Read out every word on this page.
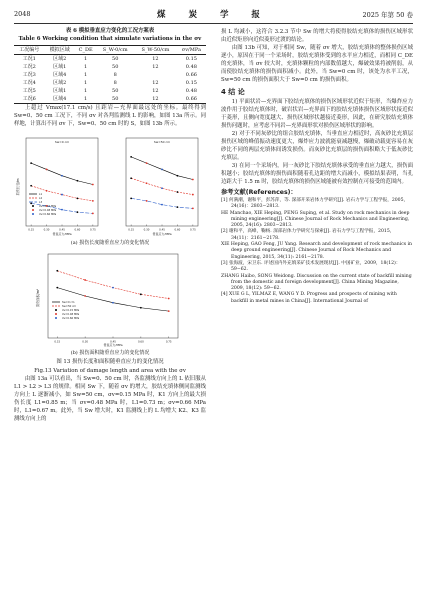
2048	煤 炭 学 报	2025 年第 50 卷
表 6 模拟垂直应力变化的工况方案表
Table 6 Working condition that simulate variations in the σv
工况编号	模拟区域	C_DE	S_W-0/cm	S_W-50/cm	σv/MPa
工况1	区域2	1	50	12	0.15
工况2	区域1	1	50	12	0.48
工况3	区域4	1	8		0.66
工况4	区域2	1	8	12	0.15
工况5	区域1	1	50	12	0.48
工况6	区域4	1	50	12	0.66

上超过 Vmax(17.1 cm/s) 且距岩—充界面最远处的坐标。最终得到 Sw=0、50 cm 工况下，不同 σv 对各判监测线 L 的影响，如图 13a 所示。同样地，计算出不同 σv 下，Sw=0、50 cm 时的 S，如图 13b 所示。

损伤长度/m
0.15	0.30	0.45	0.60	0.75
Sw=0 cm
0.15	0.30	0.45	0.60	0.75
Sw=50 cm
垂直应力/MPa	垂直应力/MPa
L1
L2
L3
σv=0.15 MPa
σv=0.48 MPa
σv=0.66 MPa
(a) 损伤长度随垂直应力的变化情况
损伤面积/m²
0.15	0.30	0.45	0.60	0.75
垂直应力/MPa
Sw=0 cm
Sw=50 cm
σv=0.15 MPa
σv=0.48 MPa
σv=0.66 MPa
(b) 损伤面积随垂直应力的变化情况
图 13 损伤长度和面积随垂直应力的变化情况
Fig.13 Variation of damage length and area with the σv

由图 13a 可以看出，当 Sw=0、50 cm 时，各监测线方向上的 L 依旧服从 L1 > L2 > L3 的规律。相同 Sw 下，随着 σv 的增大，胶结充填体侧同监测线方向上 L 逐渐减小，如 Sw=50 cm，σv=0.15 MPa 时，K1 方向上的最大损伤长度 L1=0.85 m；当 σv=0.48 MPa 时，L1=0.73 m；σv=0.66 MPa 时，L1=0.67 m。此外，当 Sw 增大时，K1 监测线上的 L 均增大 K2、K3 监测线方向上的

损 L 均减小，这符合 3.2.3 节中 Sw 的增大将使得胶结充填体的损伤区域形状由近似矩形向近似菱形过渡的结论。

由图 13b 可知，对于相同 Sw，随着 σv 增大，胶结充填体的整体损伤区域逐小，原因在于同一个采场时，胶结充填体受到的水平应力相近，而相同 C_DE 的充填体，当 σv 较大时，充填体颗粒的内部数值越大，爆破效果将被削弱，从而使胶结充填体的损伤面积减小。此外，当 Sw=0 cm 时，该处为水平工况，Sw=50 cm 的损伤面积大于 Sw=0 cm 的损伤面积。

4 结 论

1) 平面状岩—充界面下胶结充填体的损伤区域形状近似于矩形，当爆炸应力波作用于胶结充填体时，破岩状岩—充界面下的胶结充填体损伤区域形状接近似于菱形，且侧向宽度越大、损伤区域形状越接近菱形，因此，在研究胶结充填体损伤问题时，应考虑不同岩—充界面形状对损伤区域形状的影响。

2) 对于不同灰砂比的组合胶结充填体，当垂直应力相近时，高灰砂比充填层损伤区域的峰值振动速度更大，爆炸应力波就能衰减越慢，爆破动载更容易在灰砂比不同的两层充填体间诱发损伤。而灰砂比充填层的损伤面积略大于低灰砂比充填层。

3) 在同一个采场内，同一灰砂比下胶结充填体承受的垂直应力越大，损伤面积越小；胶结充填体的损伤面积随着孔边距的增大而减小，模拟结果表明，当孔边距大于 1.5 m 时，胶结充填体的损伤区域能被有效控制在可接受的范围内。

参考文献(References)：
[1] 何满潮，谢和平，彭苏萍，等. 深部开采岩体力学研究[J]. 岩石力学与工程学报，2005，24(16)：2803−2813.
HE Manchao, XIE Heping, PENG Suping, et al. Study on rock mechanics in deep mining engineering[J]. Chinese Journal of Rock Mechanics and Engineering, 2005, 24(16): 2803−2813.
[2] 谢和平，高峰，鞠杨. 深部岩体力学研究与探索[J]. 岩石力学与工程学报，2015，34(11)：2161−2178.
XIE Heping, GAO Feng, JU Yang. Research and development of rock mechanics in deep ground engineering[J]. Chinese Journal of Rock Mechanics and Engineering, 2015, 34(11): 2161−2178.
[3] 张海波，宋卫东. 评述国内外充填采矿技术发展现状[J]. 中国矿业，2009，18(12)：59−62.
ZHANG Haibo, SONG Weidong. Discussion on the current state of backfill mining from the domestic and foreign development[J]. China Mining Magazine, 2009, 18(12): 59−62.
[4] XUE G L, YILMAZ E, WANG Y D. Progress and prospects of mining with backfill in metal mines in China[J]. International Journal of
